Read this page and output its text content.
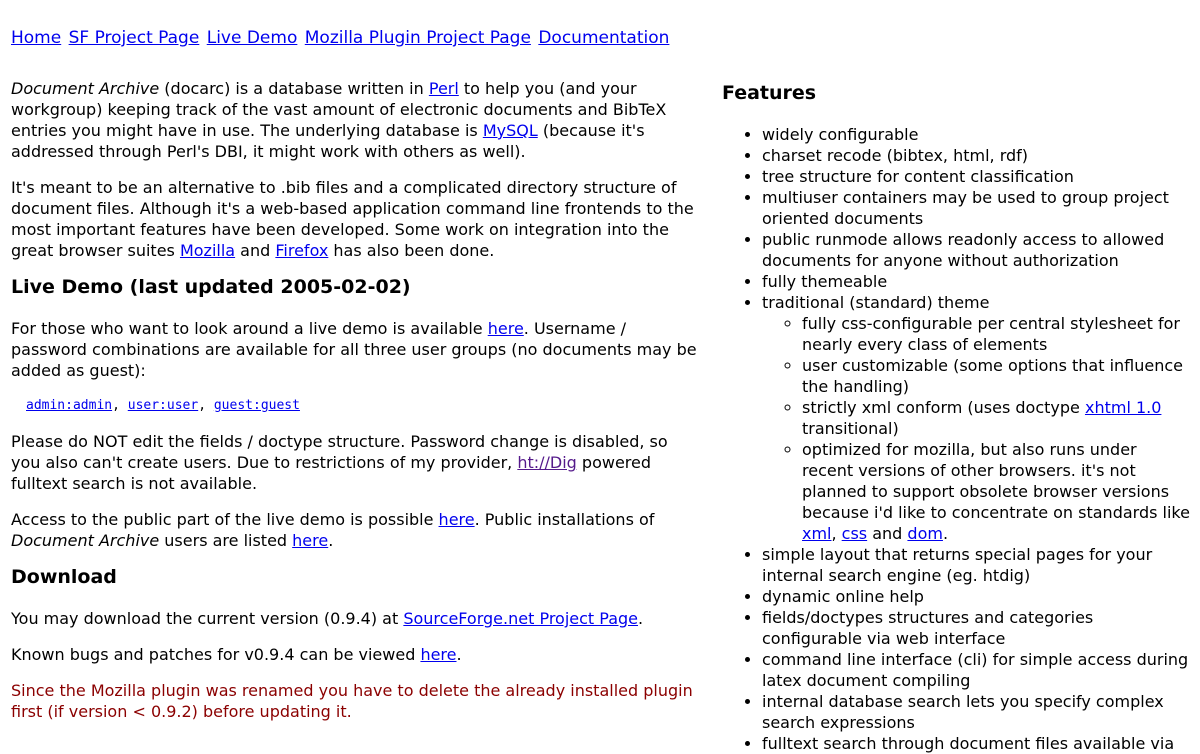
Home SF Project Page Live Demo Mozilla Plugin Project Page Documentation

Document Archive (docarc) is a database written in Perl to help you (and your workgroup) keeping track of the vast amount of electronic documents and BibTeX entries you might have in use. The underlying database is MySQL (because it's addressed through Perl's DBI, it might work with others as well).

It's meant to be an alternative to .bib files and a complicated directory structure of document files. Although it's a web-based application command line frontends to the most important features have been developed. Some work on integration into the great browser suites Mozilla and Firefox has also been done.

Live Demo (last updated 2005-02-02)

For those who want to look around a live demo is available here. Username / password combinations are available for all three user groups (no documents may be added as guest):

admin:admin, user:user, guest:guest

Please do NOT edit the fields / doctype structure. Password change is disabled, so you also can't create users. Due to restrictions of my provider, ht://Dig powered fulltext search is not available.

Access to the public part of the live demo is possible here. Public installations of Document Archive users are listed here.

Download

You may download the current version (0.9.4) at SourceForge.net Project Page.

Known bugs and patches for v0.9.4 can be viewed here.

Since the Mozilla plugin was renamed you have to delete the already installed plugin first (if version < 0.9.2) before updating it.

Features
• widely configurable
• charset recode (bibtex, html, rdf)
• tree structure for content classification
• multiuser containers may be used to group project oriented documents
• public runmode allows readonly access to allowed documents for anyone without authorization
• fully themeable
• traditional (standard) theme
◦ fully css-configurable per central stylesheet for nearly every class of elements
◦ user customizable (some options that influence the handling)
◦ strictly xml conform (uses doctype xhtml 1.0 transitional)
◦ optimized for mozilla, but also runs under recent versions of other browsers. it's not planned to support obsolete browser versions because i'd like to concentrate on standards like xml, css and dom.
• simple layout that returns special pages for your internal search engine (eg. htdig)
• dynamic online help
• fields/doctypes structures and categories configurable via web interface
• command line interface (cli) for simple access during latex document compiling
• internal database search lets you specify complex search expressions
• fulltext search through document files available via
